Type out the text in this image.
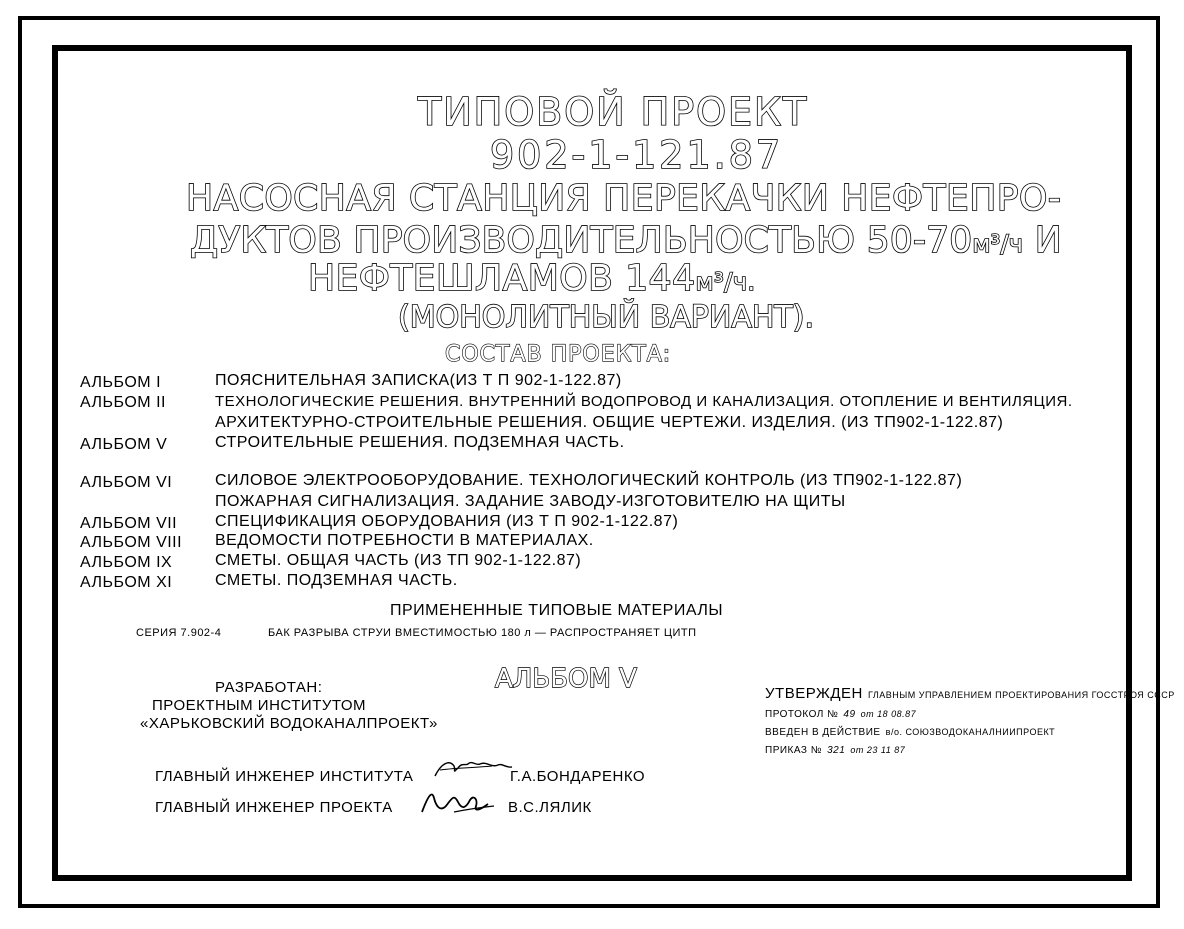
ТИПОВОЙ ПРОЕКТ
902-1-121.87
НАСОСНАЯ СТАНЦИЯ ПЕРЕКАЧКИ НЕФТЕПРО-
ДУКТОВ ПРОИЗВОДИТЕЛЬНОСТЬЮ 50-70м³/ч И
НЕФТЕШЛАМОВ 144м³/ч.
(МОНОЛИТНЫЙ ВАРИАНТ).
СОСТАВ ПРОЕКТА:
АЛЬБОМ I	ПОЯСНИТЕЛЬНАЯ ЗАПИСКА(ИЗ Т П 902-1-122.87)
АЛЬБОМ II	ТЕХНОЛОГИЧЕСКИЕ РЕШЕНИЯ. ВНУТРЕННИЙ ВОДОПРОВОД И КАНАЛИЗАЦИЯ. ОТОПЛЕНИЕ И ВЕНТИЛЯЦИЯ.
АРХИТЕКТУРНО-СТРОИТЕЛЬНЫЕ РЕШЕНИЯ. ОБЩИЕ ЧЕРТЕЖИ. ИЗДЕЛИЯ. (ИЗ ТП902-1-122.87)
АЛЬБОМ V	СТРОИТЕЛЬНЫЕ РЕШЕНИЯ. ПОДЗЕМНАЯ ЧАСТЬ.
АЛЬБОМ VI	СИЛОВОЕ ЭЛЕКТРООБОРУДОВАНИЕ. ТЕХНОЛОГИЧЕСКИЙ КОНТРОЛЬ (ИЗ ТП902-1-122.87)
ПОЖАРНАЯ СИГНАЛИЗАЦИЯ. ЗАДАНИЕ ЗАВОДУ-ИЗГОТОВИТЕЛЮ НА ЩИТЫ
АЛЬБОМ VII СПЕЦИФИКАЦИЯ ОБОРУДОВАНИЯ (ИЗ Т П 902-1-122.87)
АЛЬБОМ VIII ВЕДОМОСТИ ПОТРЕБНОСТИ В МАТЕРИАЛАХ.
АЛЬБОМ IX	СМЕТЫ. ОБЩАЯ ЧАСТЬ (ИЗ ТП 902-1-122.87)
АЛЬБОМ XI	СМЕТЫ. ПОДЗЕМНАЯ ЧАСТЬ.
ПРИМЕНЕННЫЕ ТИПОВЫЕ МАТЕРИАЛЫ
СЕРИЯ 7.902-4	БАК РАЗРЫВА СТРУИ ВМЕСТИМОСТЬЮ 180 л — РАСПРОСТРАНЯЕТ ЦИТП
АЛЬБОМ V
РАЗРАБОТАН:
ПРОЕКТНЫМ ИНСТИТУТОМ
«ХАРЬКОВСКИЙ ВОДОКАНАЛПРОЕКТ»
УТВЕРЖДЕН ГЛАВНЫМ УПРАВЛЕНИЕМ ПРОЕКТИРОВАНИЯ ГОССТРОЯ СССР
ПРОТОКОЛ № 49 от 18 08.87
ВВЕДЕН В ДЕЙСТВИЕ в/о. СОЮЗВОДОКАНАЛНИИПРОЕКТ
ПРИКАЗ № 321 от 23 11 87
ГЛАВНЫЙ ИНЖЕНЕР ИНСТИТУТА	Г.А.БОНДАРЕНКО
ГЛАВНЫЙ ИНЖЕНЕР ПРОЕКТА	В.С.ЛЯЛИК
